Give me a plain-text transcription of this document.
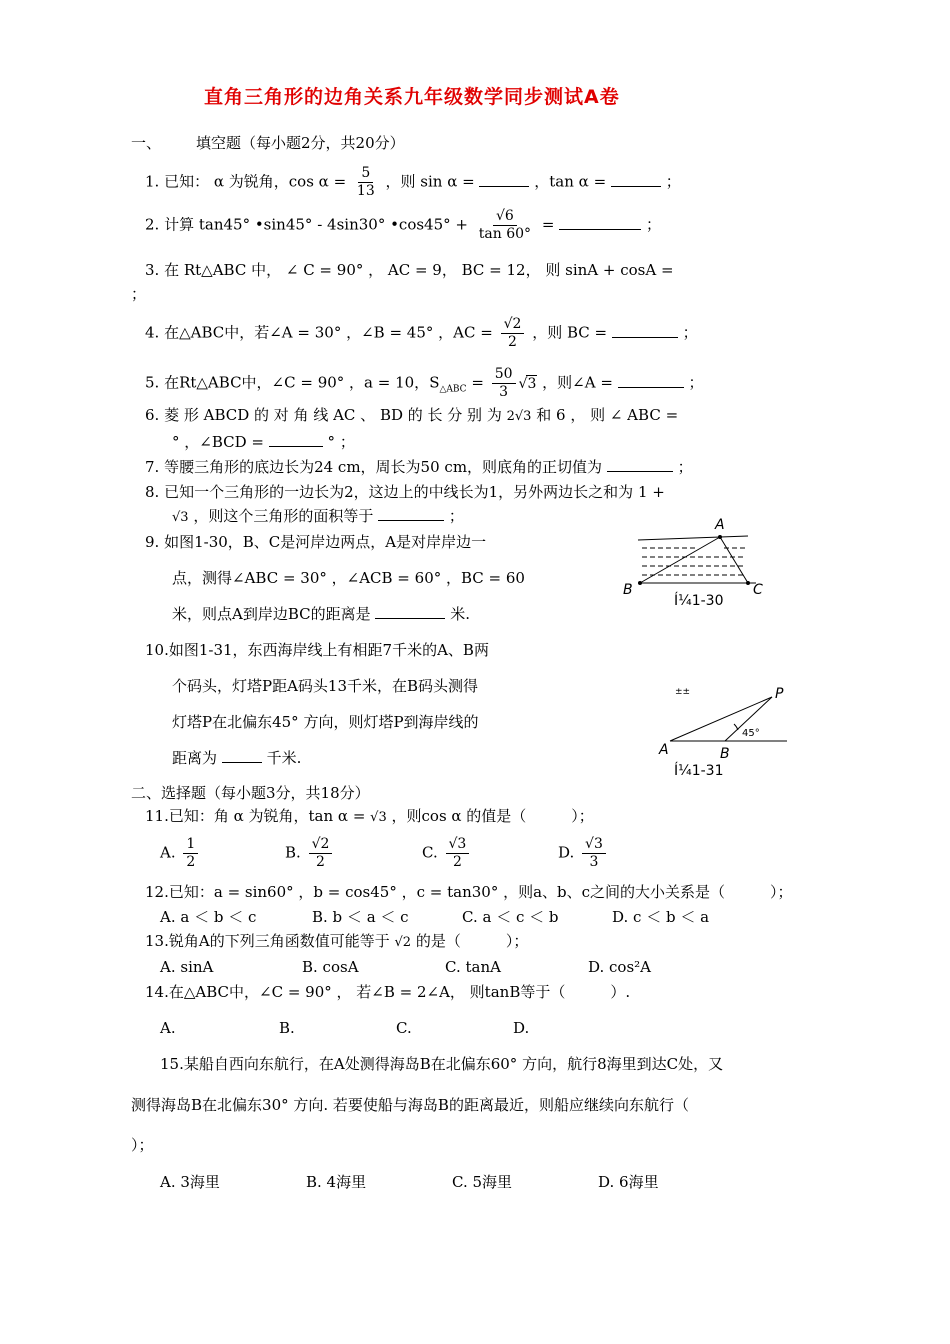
直角三角形的边角关系九年级数学同步测试A卷
一、 填空题（每小题2分，共20分）
1. 已知： α 为锐角，$\cos \alpha = \frac{5}{13}$ ，则 sin α =	，tan α =	；
2. 计算 tan45° •sin45° - 4sin30° •cos45° + $\frac{√6}{\tan 60^\circ}$ =	；
3. 在 Rt△ABC 中， ∠ C = 90° ， AC = 9， BC = 12， 则 sinA + cosA =
；
4. 在△ABC中，若∠A = 30° ，∠B = 45° ，AC = $\frac{√2}{2}$ ，则 BC =	；
5. 在Rt△ABC中，∠C = 90° ，a = 10，$S_{\triangle ABC} = \frac{50}{3} √3$ ，则∠A =	；
6. 菱 形 ABCD 的 对 角 线 AC 、 BD 的 长 分 别 为 2√3 和 6 ， 则 ∠ ABC =
° ，∠BCD =	° ；
7. 等腰三角形的底边长为24 cm，周长为50 cm，则底角的正切值为	；
8. 已知一个三角形的一边长为2，这边上的中线长为1，另外两边长之和为 1 +
√3 ，则这个三角形的面积等于	；
9. 如图1-30，B、C是河岸边两点，A是对岸岸边一
点，测得∠ABC = 30° ，∠ACB = 60° ，BC = 60
米，则点A到岸边BC的距离是	米.
A
B	C
Í¼1-30
10.如图1-31，东西海岸线上有相距7千米的A、B两
个码头，灯塔P距A码头13千米，在B码头测得
灯塔P在北偏东45° 方向，则灯塔P到海岸线的
距离为	千米.
P
A	B
45°
±±
Í¼1-31
二、选择题（每小题3分，共18分）
11.已知：角 α 为锐角，tan α = √3 ，则cos α 的值是（　　　）；
A. $\frac{1}{2}$	B. $\frac{√2}{2}$	C. $\frac{√3}{2}$	D. $\frac{√3}{3}$
12.已知：a = sin60° ，b = cos45° ，c = tan30° ，则a、b、c之间的大小关系是（　　　）；
A. a ＜ b ＜ c	B. b ＜ a ＜ c	C. a ＜ c ＜ b	D. c ＜ b ＜ a
13.锐角A的下列三角函数值可能等于 √2 的是（　　　）；
A. sinA	B. cosA	C. tanA	D. cos²A
14.在△ABC中，∠C = 90° ， 若∠B = 2∠A， 则tanB等于（　　　）.
A.	B.	C.	D.
15.某船自西向东航行，在A处测得海岛B在北偏东60° 方向，航行8海里到达C处，又
测得海岛B在北偏东30° 方向. 若要使船与海岛B的距离最近，则船应继续向东航行（
）；
A. 3海里	B. 4海里	C. 5海里	D. 6海里
